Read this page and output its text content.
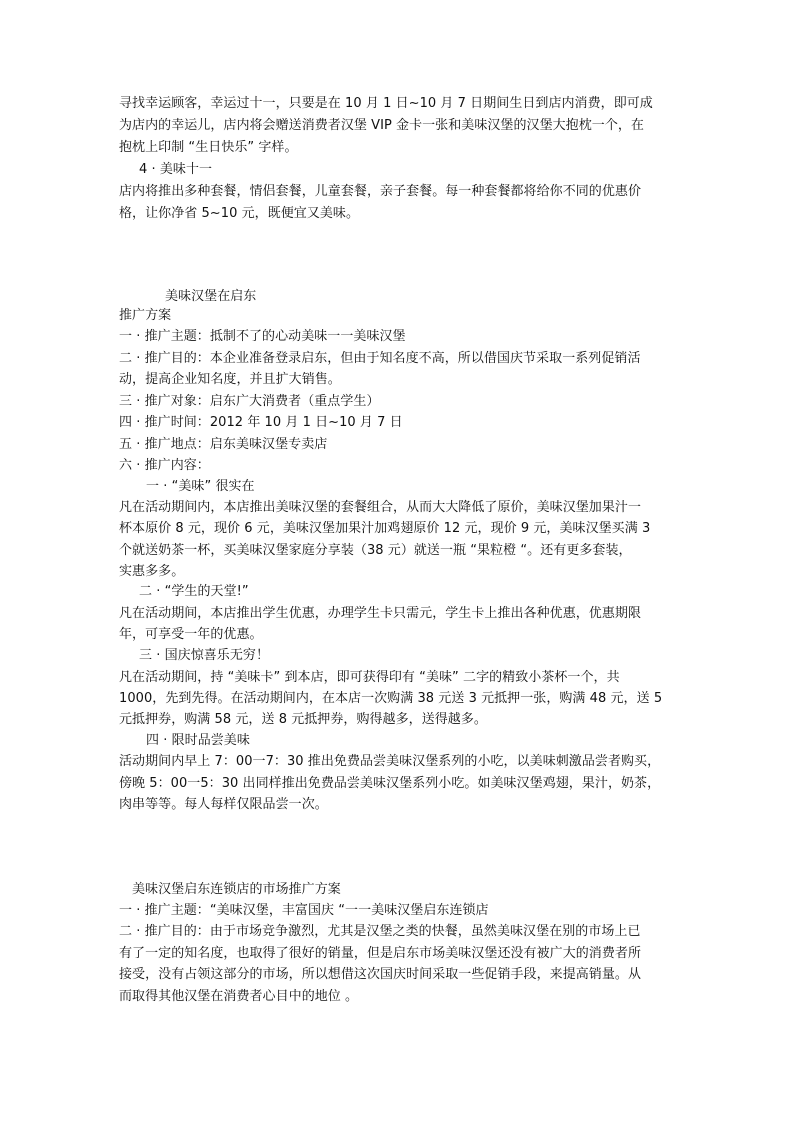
寻找幸运顾客，幸运过十一，只要是在 10 月 1 日~10 月 7 日期间生日到店内消费，即可成
为店内的幸运儿，店内将会赠送消费者汉堡 VIP 金卡一张和美味汉堡的汉堡大抱枕一个，在
抱枕上印制 “生日快乐” 字样。
4 · 美味十一
店内将推出多种套餐，情侣套餐，儿童套餐，亲子套餐。每一种套餐都将给你不同的优惠价
格，让你净省 5~10 元，既便宜又美味。
美味汉堡在启东
推广方案
一 · 推广主题：抵制不了的心动美味一一美味汉堡
二 · 推广目的：本企业准备登录启东，但由于知名度不高，所以借国庆节采取一系列促销活
动，提高企业知名度，并且扩大销售。
三 · 推广对象：启东广大消费者（重点学生）
四 · 推广时间：2012 年 10 月 1 日~10 月 7 日
五 · 推广地点：启东美味汉堡专卖店
六 · 推广内容：
一 · “美味” 很实在
凡在活动期间内，本店推出美味汉堡的套餐组合，从而大大降低了原价，美味汉堡加果汁一
杯本原价 8 元，现价 6 元，美味汉堡加果汁加鸡翅原价 12 元，现价 9 元，美味汉堡买满 3
个就送奶茶一杯，买美味汉堡家庭分享装（38 元）就送一瓶 “果粒橙 “。还有更多套装，
实惠多多。
二 · “学生的天堂!”
凡在活动期间，本店推出学生优惠，办理学生卡只需元，学生卡上推出各种优惠，优惠期限
年，可享受一年的优惠。
三 · 国庆惊喜乐无穷！
凡在活动期间，持 “美味卡” 到本店，即可获得印有 “美味” 二字的精致小茶杯一个，共
1000，先到先得。在活动期间内，在本店一次购满 38 元送 3 元抵押一张，购满 48 元，送 5
元抵押券，购满 58 元，送 8 元抵押券，购得越多，送得越多。
四 · 限时品尝美味
活动期间内早上 7：00一7：30 推出免费品尝美味汉堡系列的小吃，以美味刺激品尝者购买，
傍晚 5：00一5：30 出同样推出免费品尝美味汉堡系列小吃。如美味汉堡鸡翅，果汁，奶茶，
肉串等等。每人每样仅限品尝一次。
美味汉堡启东连锁店的市场推广方案
一 · 推广主题：“美味汉堡，丰富国庆 “一一美味汉堡启东连锁店
二 · 推广目的：由于市场竞争激烈，尤其是汉堡之类的快餐，虽然美味汉堡在别的市场上已
有了一定的知名度，也取得了很好的销量，但是启东市场美味汉堡还没有被广大的消费者所
接受，没有占领这部分的市场，所以想借这次国庆时间采取一些促销手段，来提高销量。从
而取得其他汉堡在消费者心目中的地位 。
